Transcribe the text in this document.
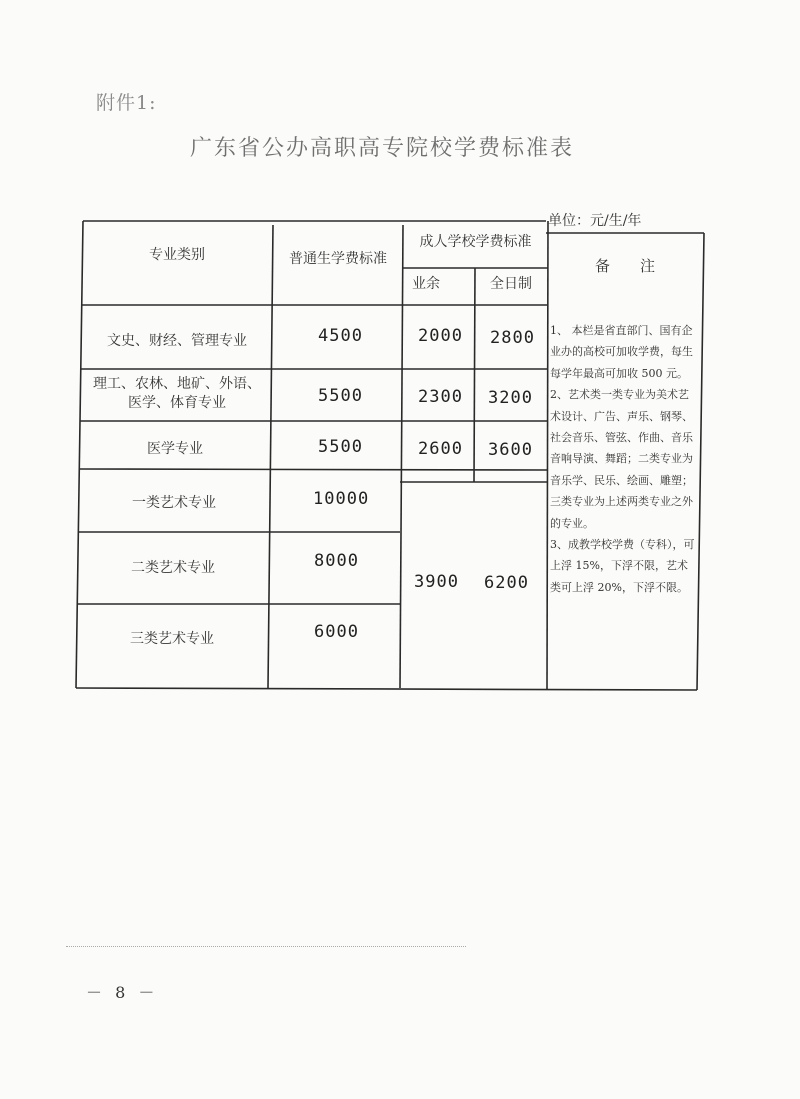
附件1:
广东省公办高职高专院校学费标准表
单位：元/生/年
专业类别	普通生学费标准
成人学校学费标准
业余	全日制
备　　注
文史、财经、管理专业	4500	2000 2800
理工、农林、地矿、外语、
医学、体育专业	5500	2300 3200
医学专业	5500	2600 3600
一类艺术专业	10000
二类艺术专业	8000
三类艺术专业	6000
3900 6200

1、 本栏是省直部门、国有企业办的高校可加收学费，每生每学年最高可加收 500 元。

2、艺术类一类专业为美术艺术设计、广告、声乐、钢琴、社会音乐、管弦、作曲、音乐音响导演、舞蹈；二类专业为音乐学、民乐、绘画、雕塑；三类专业为上述两类专业之外的专业。

3、成教学校学费（专科），可上浮 15%，下浮不限，艺术类可上浮 20%，下浮不限。

－ 8 －
